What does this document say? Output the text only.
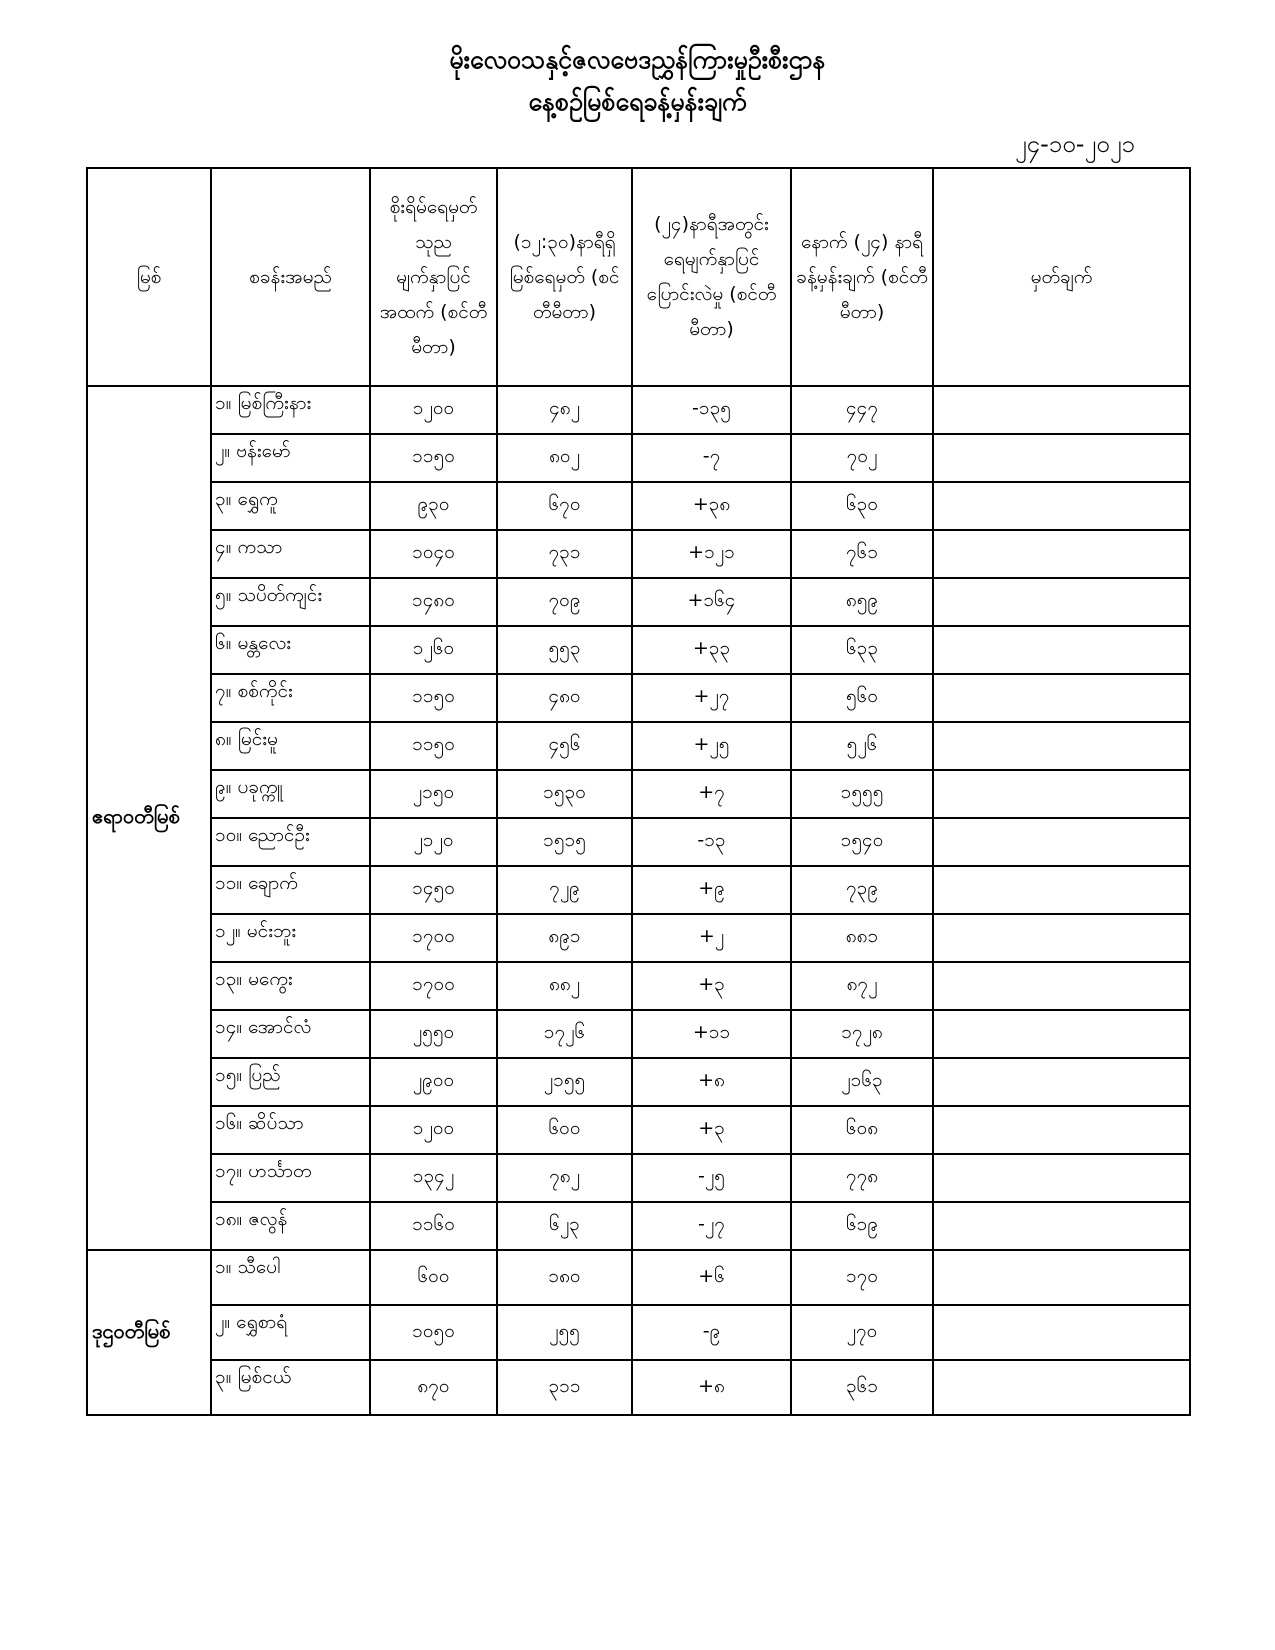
မိုးလေဝသနှင့်ဇလဗေဒညွှန်ကြားမှုဦးစီးဌာန
နေ့စဉ်မြစ်ရေခန့်မှန်းချက်
၂၄-၁၀-၂၀၂၁
မြစ်	စခန်းအမည်	စိုးရိမ်ရေမှတ် သုည မျက်နှာပြင် အထက် (စင်တီမီတာ)	(၁၂:၃၀)နာရီရှိ မြစ်ရေမှတ် (စင်တီမီတာ)	(၂၄)နာရီအတွင်း ရေမျက်နှာပြင် ပြောင်းလဲမှု (စင်တီမီတာ)	နောက် (၂၄) နာရီ ခန့်မှန်းချက် (စင်တီမီတာ)	မှတ်ချက်
ဧရာဝတီမြစ်	၁။ မြစ်ကြီးနား	၁၂၀၀	၄၈၂	-၁၃၅	၄၄၇	
	၂။ ဗန်းမော်	၁၁၅၀	၈၀၂	-၇	၇၀၂	
	၃။ ရွှေကူ	၉၃၀	၆၇၀	+၃၈	၆၃၀	
	၄။ ကသာ	၁၀၄၀	၇၃၁	+၁၂၁	၇၆၁	
	၅။ သပိတ်ကျင်း	၁၄၈၀	၇၀၉	+၁၆၄	၈၅၉	
	၆။ မန္တလေး	၁၂၆၀	၅၅၃	+၃၃	၆၃၃	
	၇။ စစ်ကိုင်း	၁၁၅၀	၄၈၀	+၂၇	၅၆၀	
	၈။ မြင်းမူ	၁၁၅၀	၄၅၆	+၂၅	၅၂၆	
	၉။ ပခုက္ကူ	၂၁၅၀	၁၅၃၀	+၇	၁၅၅၅	
	၁၀။ ညောင်ဦး	၂၁၂၀	၁၅၁၅	-၁၃	၁၅၄၀	
	၁၁။ ချောက်	၁၄၅၀	၇၂၉	+၉	၇၃၉	
	၁၂။ မင်းဘူး	၁၇၀၀	၈၉၁	+၂	၈၈၁	
	၁၃။ မကွေး	၁၇၀၀	၈၈၂	+၃	၈၇၂	
	၁၄။ အောင်လံ	၂၅၅၀	၁၇၂၆	+၁၁	၁၇၂၈	
	၁၅။ ပြည်	၂၉၀၀	၂၁၅၅	+၈	၂၁၆၃	
	၁၆။ ဆိပ်သာ	၁၂၀၀	၆၀၀	+၃	၆၀၈	
	၁၇။ ဟင်္သာတ	၁၃၄၂	၇၈၂	-၂၅	၇၇၈	
	၁၈။ ဇလွန်	၁၁၆၀	၆၂၃	-၂၇	၆၁၉	
ဒုဌဝတီမြစ်	၁။ သီပေါ	၆၀၀	၁၈၀	+၆	၁၇၀	
	၂။ ရွှေစာရံ	၁၀၅၀	၂၅၅	-၉	၂၇၀	
	၃။ မြစ်ငယ်	၈၇၀	၃၁၁	+၈	၃၆၁	
